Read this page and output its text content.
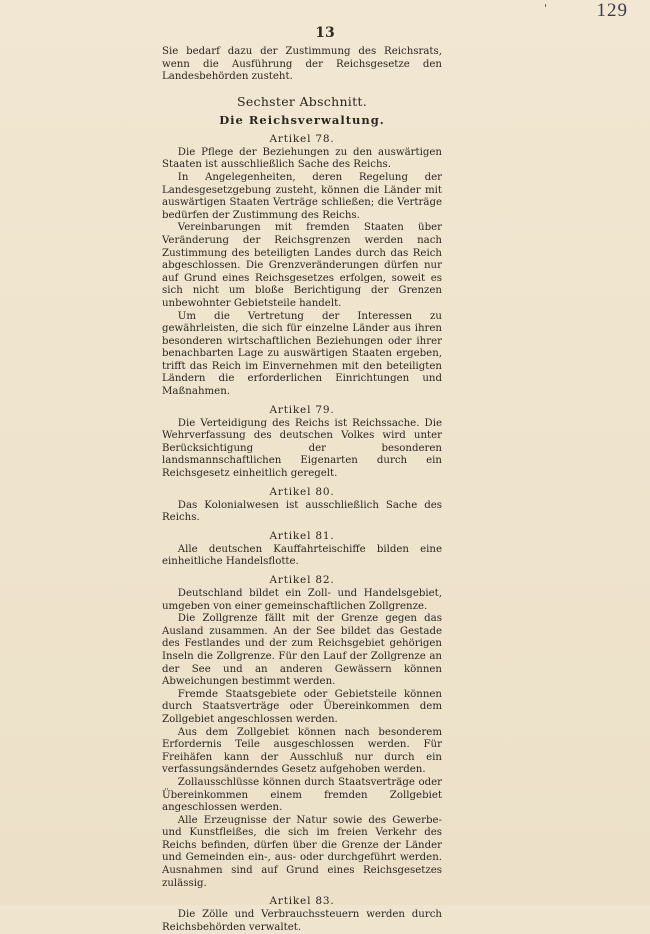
'	129
13

Sie bedarf dazu der Zustimmung des Reichsrats, wenn die Ausführung der Reichsgesetze den Landesbehörden zusteht.

Sechster Abschnitt.
Die Reichsverwaltung.
Artikel 78.

Die Pflege der Beziehungen zu den auswärtigen Staaten ist ausschließlich Sache des Reichs.

In Angelegenheiten, deren Regelung der Landesgesetzgebung zusteht, können die Länder mit auswärtigen Staaten Verträge schließen; die Verträge bedürfen der Zustimmung des Reichs.

Vereinbarungen mit fremden Staaten über Veränderung der Reichsgrenzen werden nach Zustimmung des beteiligten Landes durch das Reich abgeschlossen. Die Grenzveränderungen dürfen nur auf Grund eines Reichsgesetzes erfolgen, soweit es sich nicht um bloße Berichtigung der Grenzen unbewohnter Gebietsteile handelt.

Um die Vertretung der Interessen zu gewährleisten, die sich für einzelne Länder aus ihren besonderen wirtschaftlichen Beziehungen oder ihrer benachbarten Lage zu auswärtigen Staaten ergeben, trifft das Reich im Einvernehmen mit den beteiligten Ländern die erforderlichen Einrichtungen und Maßnahmen.

Artikel 79.

Die Verteidigung des Reichs ist Reichssache. Die Wehrverfassung des deutschen Volkes wird unter Berücksichtigung der besonderen landsmannschaftlichen Eigenarten durch ein Reichsgesetz einheitlich geregelt.

Artikel 80.

Das Kolonialwesen ist ausschließlich Sache des Reichs.

Artikel 81.

Alle deutschen Kauffahrteischiffe bilden eine einheitliche Handelsflotte.

Artikel 82.

Deutschland bildet ein Zoll- und Handelsgebiet, umgeben von einer gemeinschaftlichen Zollgrenze.

Die Zollgrenze fällt mit der Grenze gegen das Ausland zusammen. An der See bildet das Gestade des Festlandes und der zum Reichsgebiet gehörigen Inseln die Zollgrenze. Für den Lauf der Zollgrenze an der See und an anderen Gewässern können Abweichungen bestimmt werden.

Fremde Staatsgebiete oder Gebietsteile können durch Staatsverträge oder Übereinkommen dem Zollgebiet angeschlossen werden.

Aus dem Zollgebiet können nach besonderem Erfordernis Teile ausgeschlossen werden. Für Freihäfen kann der Ausschluß nur durch ein verfassungsänderndes Gesetz aufgehoben werden.

Zollausschlüsse können durch Staatsverträge oder Übereinkommen einem fremden Zollgebiet angeschlossen werden.

Alle Erzeugnisse der Natur sowie des Gewerbe- und Kunstfleißes, die sich im freien Verkehr des Reichs befinden, dürfen über die Grenze der Länder und Gemeinden ein-, aus- oder durchgeführt werden. Ausnahmen sind auf Grund eines Reichsgesetzes zulässig.

Artikel 83.

Die Zölle und Verbrauchssteuern werden durch Reichsbehörden verwaltet.
